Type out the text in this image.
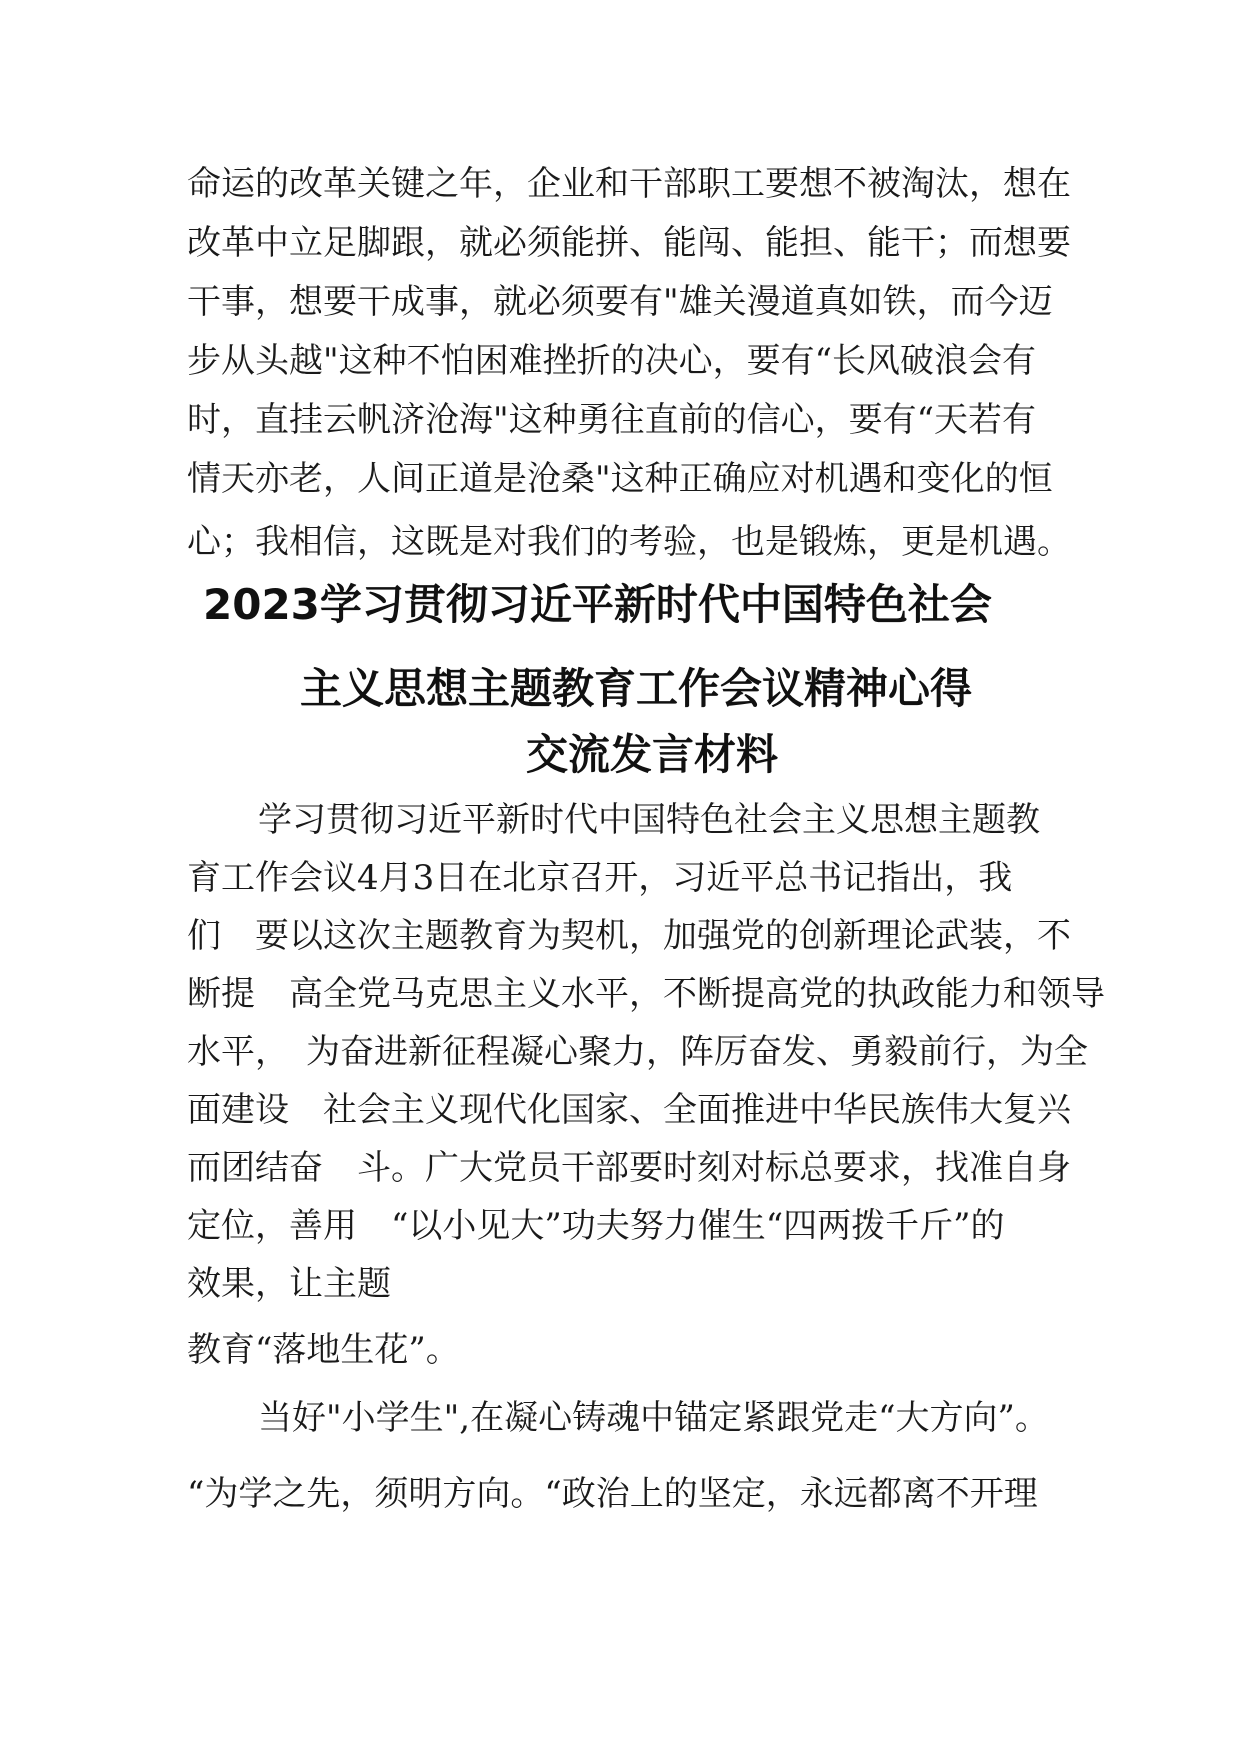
命运的改革关键之年，企业和干部职工要想不被淘汰，想在
改革中立足脚跟，就必须能拼、能闯、能担、能干；而想要
干事，想要干成事，就必须要有"雄关漫道真如铁，而今迈
步从头越"这种不怕困难挫折的决心，要有“长风破浪会有
时，直挂云帆济沧海"这种勇往直前的信心，要有“天若有
情天亦老，人间正道是沧桑"这种正确应对机遇和变化的恒
心；我相信，这既是对我们的考验，也是锻炼，更是机遇。
2023学习贯彻习近平新时代中国特色社会
主义思想主题教育工作会议精神心得
交流发言材料
学习贯彻习近平新时代中国特色社会主义思想主题教
育工作会议4月3日在北京召开，习近平总书记指出，我
们　要以这次主题教育为契机，加强党的创新理论武装，不
断提　高全党马克思主义水平，不断提高党的执政能力和领导
水平，　为奋进新征程凝心聚力，阵厉奋发、勇毅前行，为全
面建设　社会主义现代化国家、全面推进中华民族伟大复兴
而团结奋　斗。广大党员干部要时刻对标总要求，找准自身
定位，善用　“以小见大”功夫努力催生“四两拨千斤”的
效果，让主题
教育“落地生花”。
当好"小学生",在凝心铸魂中锚定紧跟党走“大方向”。
“为学之先，须明方向。“政治上的坚定，永远都离不开理
